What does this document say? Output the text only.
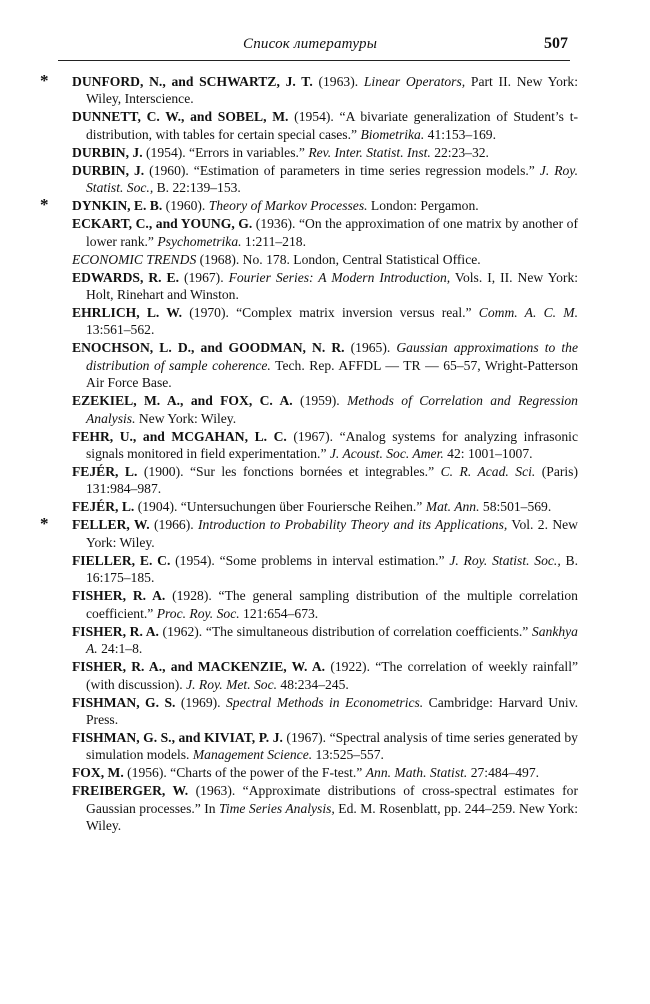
Список литературы	507
* DUNFORD, N., and SCHWARTZ, J. T. (1963). Linear Operators, Part II. New York: Wiley, Interscience.
DUNNETT, C. W., and SOBEL, M. (1954). “A bivariate generalization of Student’s t-distribution, with tables for certain special cases.” Biometrika. 41:153–169.
DURBIN, J. (1954). “Errors in variables.” Rev. Inter. Statist. Inst. 22:23–32.
DURBIN, J. (1960). “Estimation of parameters in time series regression models.” J. Roy. Statist. Soc., B. 22:139–153.
* DYNKIN, E. B. (1960). Theory of Markov Processes. London: Pergamon.
ECKART, C., and YOUNG, G. (1936). “On the approximation of one matrix by another of lower rank.” Psychometrika. 1:211–218.
ECONOMIC TRENDS (1968). No. 178. London, Central Statistical Office.
EDWARDS, R. E. (1967). Fourier Series: A Modern Introduction, Vols. I, II. New York: Holt, Rinehart and Winston.
EHRLICH, L. W. (1970). “Complex matrix inversion versus real.” Comm. A. C. M. 13:561–562.
ENOCHSON, L. D., and GOODMAN, N. R. (1965). Gaussian approximations to the distribution of sample coherence. Tech. Rep. AFFDL — TR — 65–57, Wright-Patterson Air Force Base.
EZEKIEL, M. A., and FOX, C. A. (1959). Methods of Correlation and Regression Analysis. New York: Wiley.
FEHR, U., and MCGAHAN, L. C. (1967). “Analog systems for analyzing infrasonic signals monitored in field experimentation.” J. Acoust. Soc. Amer. 42: 1001–1007.
FEJÉR, L. (1900). “Sur les fonctions bornées et integrables.” C. R. Acad. Sci. (Paris) 131:984–987.
FEJÉR, L. (1904). “Untersuchungen über Fouriersche Reihen.” Mat. Ann. 58:501–569.
* FELLER, W. (1966). Introduction to Probability Theory and its Applications, Vol. 2. New York: Wiley.
FIELLER, E. C. (1954). “Some problems in interval estimation.” J. Roy. Statist. Soc., B. 16:175–185.
FISHER, R. A. (1928). “The general sampling distribution of the multiple correlation coefficient.” Proc. Roy. Soc. 121:654–673.
FISHER, R. A. (1962). “The simultaneous distribution of correlation coefficients.” Sankhya A. 24:1–8.
FISHER, R. A., and MACKENZIE, W. A. (1922). “The correlation of weekly rainfall” (with discussion). J. Roy. Met. Soc. 48:234–245.
FISHMAN, G. S. (1969). Spectral Methods in Econometrics. Cambridge: Harvard Univ. Press.
FISHMAN, G. S., and KIVIAT, P. J. (1967). “Spectral analysis of time series generated by simulation models. Management Science. 13:525–557.
FOX, M. (1956). “Charts of the power of the F-test.” Ann. Math. Statist. 27:484–497.
FREIBERGER, W. (1963). “Approximate distributions of cross-spectral estimates for Gaussian processes.” In Time Series Analysis, Ed. M. Rosenblatt, pp. 244–259. New York: Wiley.
